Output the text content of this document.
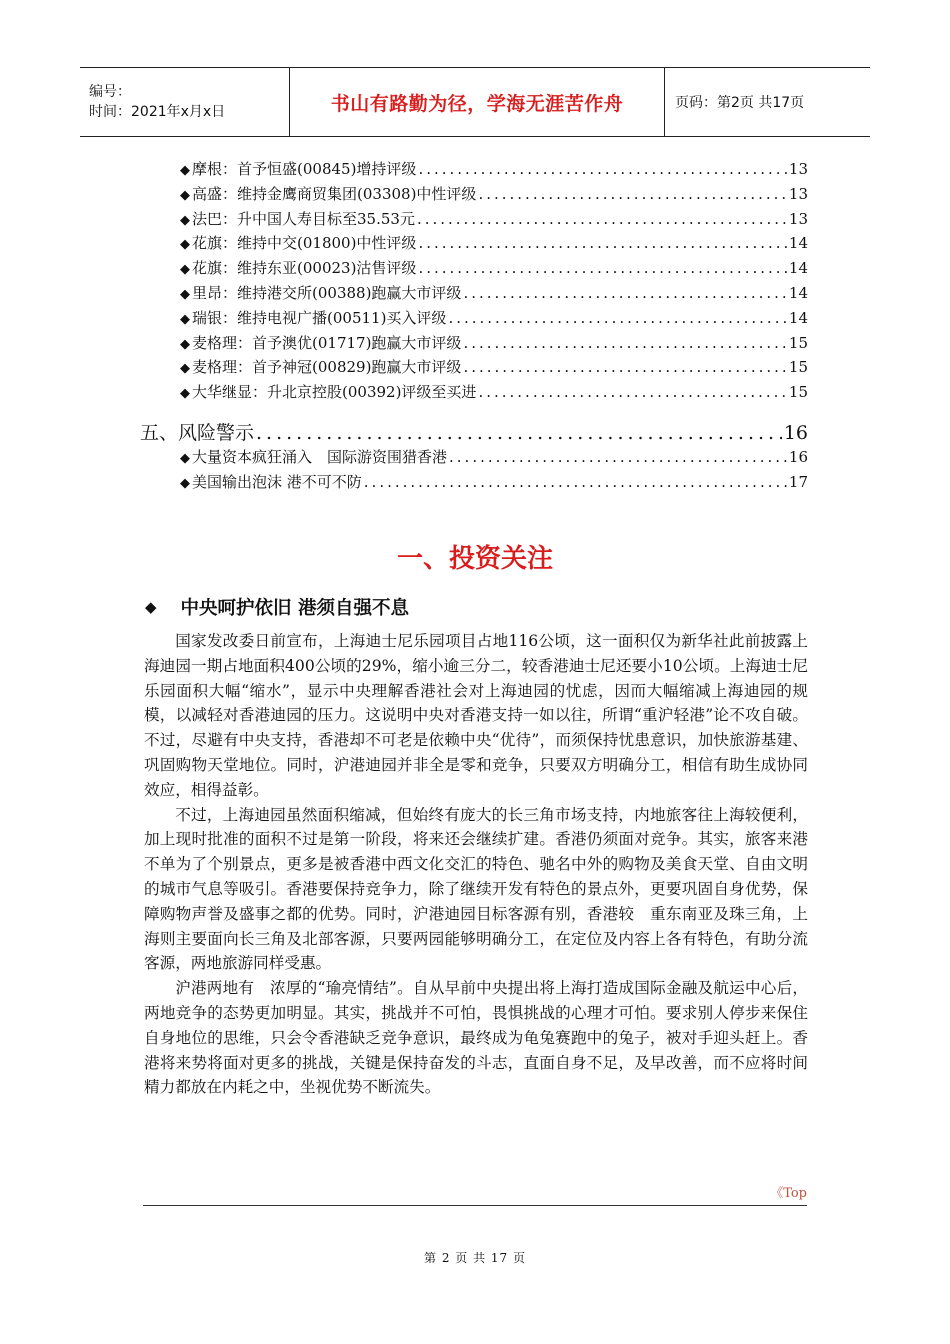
编号：
时间：2021年x月x日	书山有路勤为径，学海无涯苦作舟	页码：第2页 共17页
◆ 摩根：首予恒盛(00845)增持评级 .....	13
◆ 高盛：维持金鹰商贸集团(03308)中性评级 .....	13
◆ 法巴：升中国人寿目标至35.53元 .....	13
◆ 花旗：维持中交(01800)中性评级 .....	14
◆ 花旗：维持东亚(00023)沽售评级 .....	14
◆ 里昂：维持港交所(00388)跑赢大市评级 .....	14
◆ 瑞银：维持电视广播(00511)买入评级 .....	14
◆ 麦格理：首予澳优(01717)跑赢大市评级 .....	15
◆ 麦格理：首予神冠(00829)跑赢大市评级 .....	15
◆ 大华继显：升北京控股(00392)评级至买进 .....	15
五、风险警示 .....	16
◆ 大量资本疯狂涌入　国际游资围猎香港 .....	16
◆ 美国输出泡沫 港不可不防 .....	17
一、投资关注
◆ 中央呵护依旧 港须自强不息

国家发改委日前宣布，上海迪士尼乐园项目占地116公顷，这一面积仅为新华社此前披露上海迪园一期占地面积400公顷的29%，缩小逾三分二，较香港迪士尼还要小10公顷。上海迪士尼乐园面积大幅“缩水”，显示中央理解香港社会对上海迪园的忧虑，因而大幅缩减上海迪园的规模，以减轻对香港迪园的压力。这说明中央对香港支持一如以往，所谓“重沪轻港”论不攻自破。不过，尽避有中央支持，香港却不可老是依赖中央“优待”，而须保持忧患意识，加快旅游基建、巩固购物天堂地位。同时，沪港迪园并非全是零和竞争，只要双方明确分工，相信有助生成协同效应，相得益彰。

不过，上海迪园虽然面积缩减，但始终有庞大的长三角市场支持，内地旅客往上海较便利，加上现时批准的面积不过是第一阶段，将来还会继续扩建。香港仍须面对竞争。其实，旅客来港不单为了个别景点，更多是被香港中西文化交汇的特色、驰名中外的购物及美食天堂、自由文明的城市气息等吸引。香港要保持竞争力，除了继续开发有特色的景点外，更要巩固自身优势，保障购物声誉及盛事之都的优势。同时，沪港迪园目标客源有别，香港较　重东南亚及珠三角，上海则主要面向长三角及北部客源，只要两园能够明确分工，在定位及内容上各有特色，有助分流客源，两地旅游同样受惠。

沪港两地有　浓厚的“瑜亮情结”。自从早前中央提出将上海打造成国际金融及航运中心后，两地竞争的态势更加明显。其实，挑战并不可怕，畏惧挑战的心理才可怕。要求别人停步来保住自身地位的思维，只会令香港缺乏竞争意识，最终成为龟兔赛跑中的兔子，被对手迎头赶上。香港将来势将面对更多的挑战，关键是保持奋发的斗志，直面自身不足，及早改善，而不应将时间精力都放在内耗之中，坐视优势不断流失。

《Top
第 2 页 共 17 页
